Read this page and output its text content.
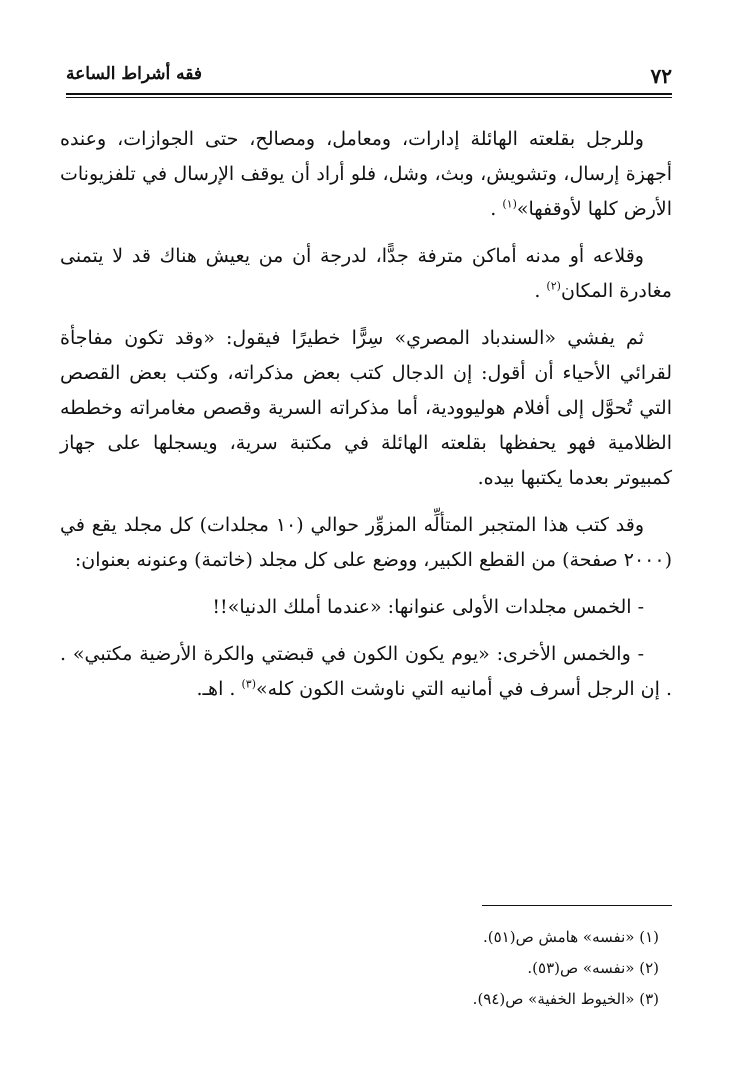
٧٢
فقه أشراط الساعة

وللرجل بقلعته الهائلة إدارات، ومعامل، ومصالح، حتى الجوازات، وعنده أجهزة إرسال، وتشويش، وبث، وشل، فلو أراد أن يوقف الإرسال في تلفزيونات الأرض كلها لأوقفها»$^{(١)}$ .

وقلاعه أو مدنه أماكن مترفة جدًّا، لدرجة أن من يعيش هناك قد لا يتمنى مغادرة المكان$^{(٢)}$ .

ثم يفشي «السندباد المصري» سِرًّا خطيرًا فيقول: «وقد تكون مفاجأة لقرائي الأحياء أن أقول: إن الدجال كتب بعض مذكراته، وكتب بعض القصص التي تُحوَّل إلى أفلام هوليوودية، أما مذكراته السرية وقصص مغامراته وخططه الظلامية فهو يحفظها بقلعته الهائلة في مكتبة سرية، ويسجلها على جهاز كمبيوتر بعدما يكتبها بيده.

وقد كتب هذا المتجبر المتألِّه المزوِّر حوالي (١٠ مجلدات) كل مجلد يقع في (٢٠٠٠ صفحة) من القطع الكبير، ووضع على كل مجلد (خاتمة) وعنونه بعنوان:

- الخمس مجلدات الأولى عنوانها: «عندما أملك الدنيا»!!

- والخمس الأخرى: «يوم يكون الكون في قبضتي والكرة الأرضية مكتبي» . . إن الرجل أسرف في أمانيه التي ناوشت الكون كله»$^{(٣)}$ . اهـ.

(١) «نفسه» هامش ص(٥١).

(٢) «نفسه» ص(٥٣).

(٣) «الخيوط الخفية» ص(٩٤).
